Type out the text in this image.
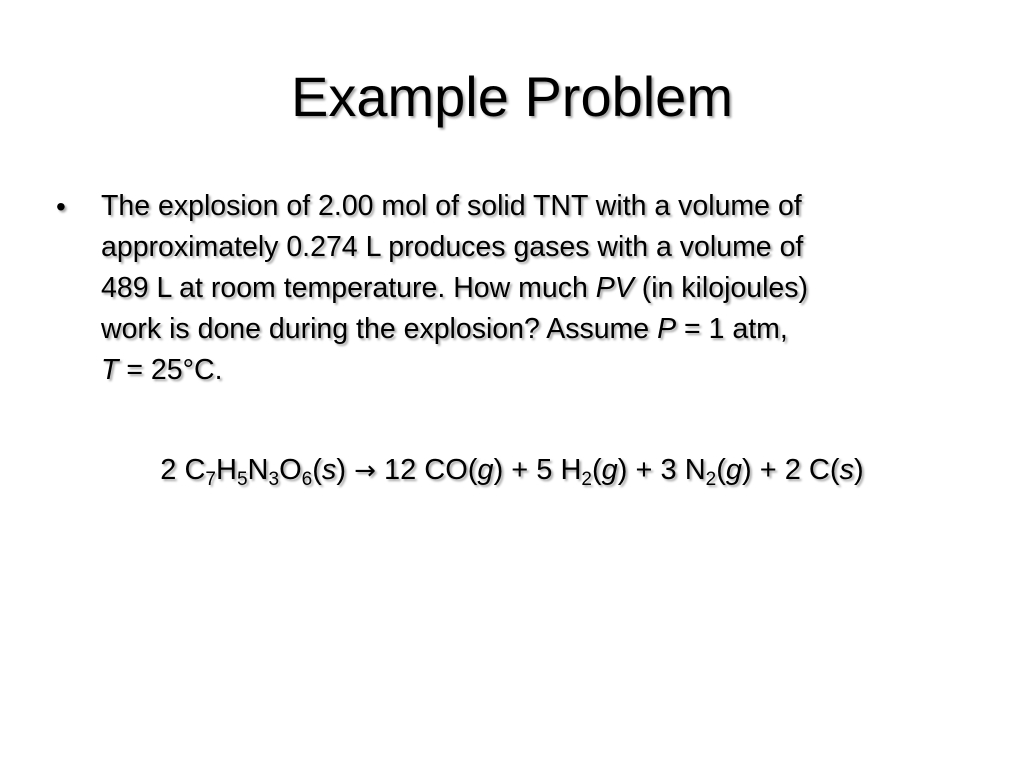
Example Problem
•	The explosion of 2.00 mol of solid TNT with a volume of
approximately 0.274 L produces gases with a volume of
489 L at room temperature. How much PV (in kilojoules)
work is done during the explosion? Assume P = 1 atm,
T = 25°C.
2 $C_7H_5N_3O_6(s) \to 12$ CO(g) + 5 $H_2(g) + 3$ $N_2(g) + 2$ C(s)
